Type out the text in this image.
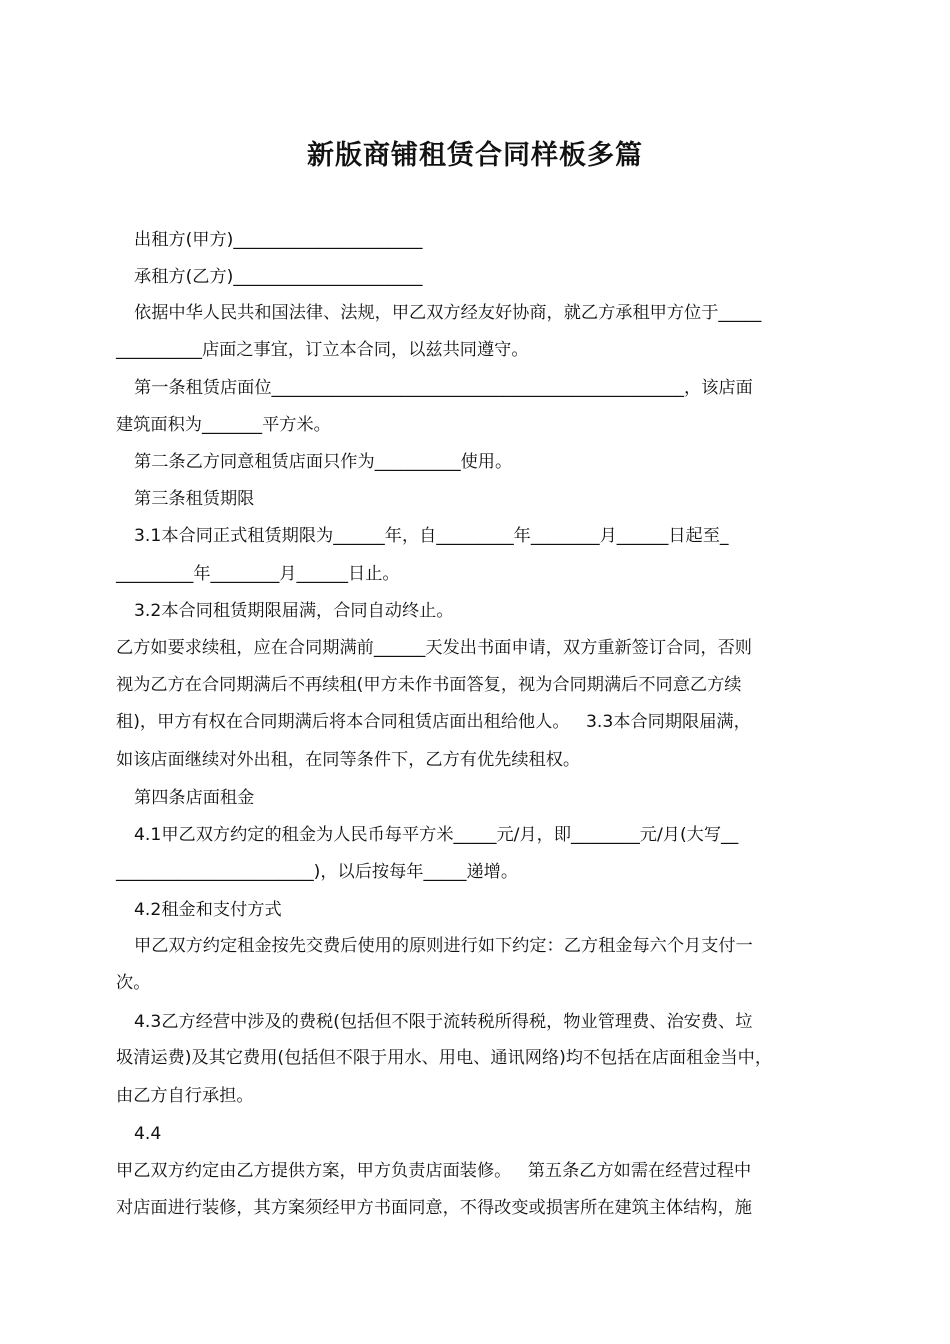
新版商铺租赁合同样板多篇
出租方(甲方)______________________
承租方(乙方)______________________
依据中华人民共和国法律、法规，甲乙双方经友好协商，就乙方承租甲方位于_____
__________店面之事宜，订立本合同，以兹共同遵守。
第一条租赁店面位________________________________________________，该店面
建筑面积为_______平方米。
第二条乙方同意租赁店面只作为__________使用。
第三条租赁期限
3.1本合同正式租赁期限为______年，自_________年________月______日起至_
_________年________月______日止。
3.2本合同租赁期限届满，合同自动终止。
乙方如要求续租，应在合同期满前______天发出书面申请，双方重新签订合同，否则
视为乙方在合同期满后不再续租(甲方未作书面答复，视为合同期满后不同意乙方续
租)，甲方有权在合同期满后将本合同租赁店面出租给他人。   3.3本合同期限届满，
如该店面继续对外出租，在同等条件下，乙方有优先续租权。
第四条店面租金
4.1甲乙双方约定的租金为人民币每平方米_____元/月，即________元/月(大写__
_______________________)，以后按每年_____递增。
4.2租金和支付方式
甲乙双方约定租金按先交费后使用的原则进行如下约定：乙方租金每六个月支付一
次。
4.3乙方经营中涉及的费税(包括但不限于流转税所得税，物业管理费、治安费、垃
圾清运费)及其它费用(包括但不限于用水、用电、通讯网络)均不包括在店面租金当中，
由乙方自行承担。
4.4
甲乙双方约定由乙方提供方案，甲方负责店面装修。   第五条乙方如需在经营过程中
对店面进行装修，其方案须经甲方书面同意，不得改变或损害所在建筑主体结构，施
